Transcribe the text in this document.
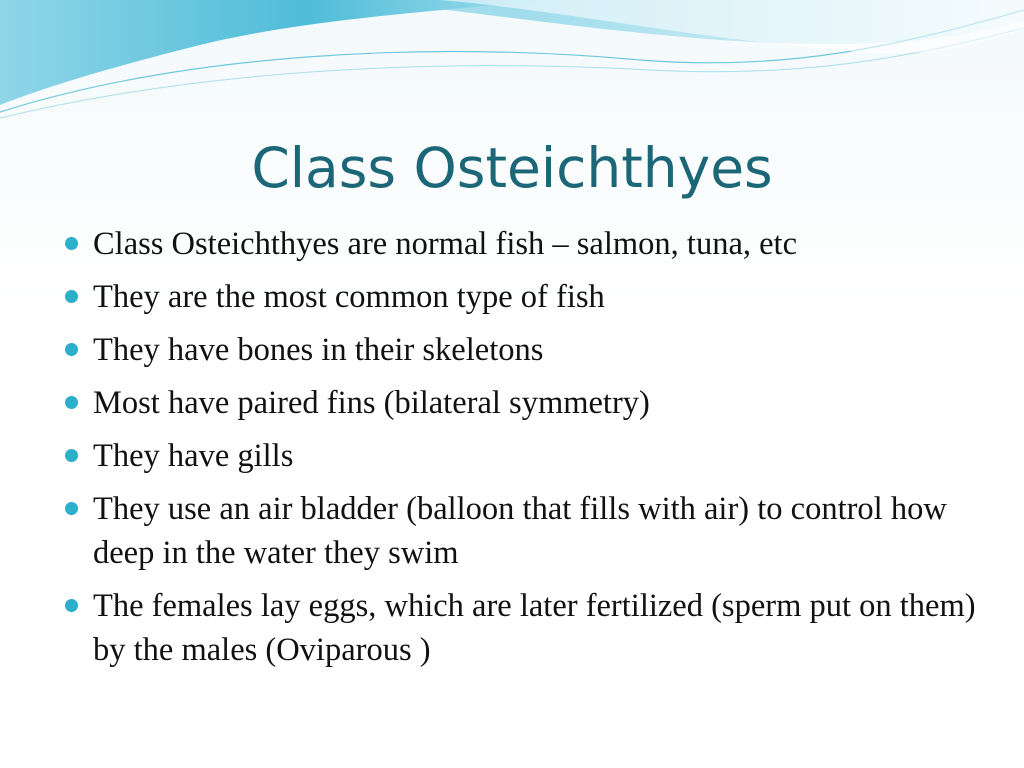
Class Osteichthyes
Class Osteichthyes are normal fish – salmon, tuna, etc
They are the most common type of fish
They have bones in their skeletons
Most have paired fins (bilateral symmetry)
They have gills
They use an air bladder (balloon that fills with air) to control how deep in the water they swim
The females lay eggs, which are later fertilized (sperm put on them) by the males (Oviparous )
